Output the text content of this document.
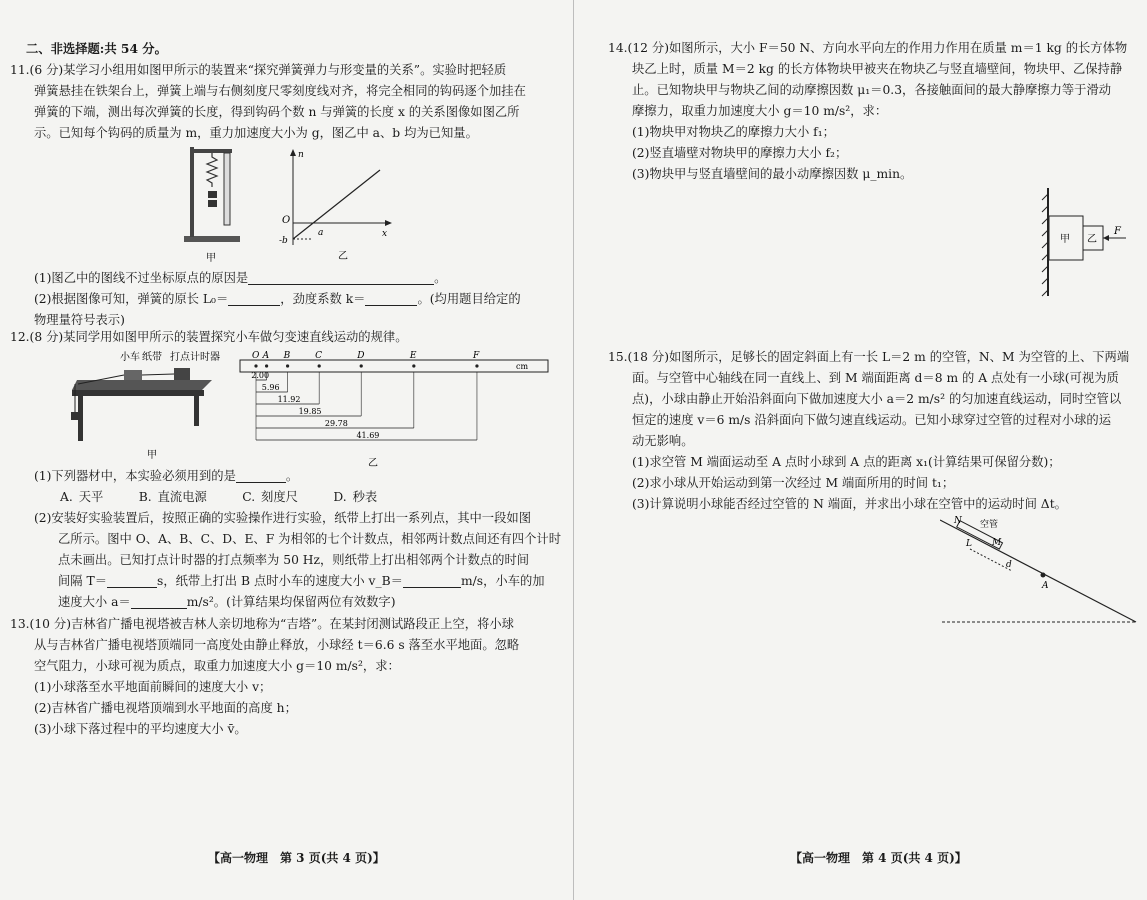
二、非选择题:共 54 分。

11.(6 分)某学习小组用如图甲所示的装置来“探究弹簧弹力与形变量的关系”。实验时把轻质

弹簧悬挂在铁架台上，弹簧上端与右侧刻度尺零刻度线对齐，将完全相同的钩码逐个加挂在

弹簧的下端，测出每次弹簧的长度，得到钩码个数 n 与弹簧的长度 x 的关系图像如图乙所

示。已知每个钩码的质量为 m，重力加速度大小为 g，图乙中 a、b 均为已知量。

甲
n
x
O
a
-b
乙

(1)图乙中的图线不过坐标原点的原因是	。

(2)根据图像可知，弹簧的原长 L₀＝	，劲度系数 k＝	。(均用题目给定的

物理量符号表示)

12.(8 分)某同学用如图甲所示的装置探究小车做匀变速直线运动的规律。
小车 纸带 打点计时器
甲
O A B	C	D	E	F
2.00
5.96
11.92
19.85
29.78
41.69
cm
乙

(1)下列器材中，本实验必须用到的是	。

A. 天平	B. 直流电源	C. 刻度尺	D. 秒表

(2)安装好实验装置后，按照正确的实验操作进行实验，纸带上打出一系列点，其中一段如图

乙所示。图中 O、A、B、C、D、E、F 为相邻的七个计数点，相邻两计数点间还有四个计时

点未画出。已知打点计时器的打点频率为 50 Hz，则纸带上打出相邻两个计数点的时间

间隔 T＝	s，纸带上打出 B 点时小车的速度大小 v_B＝	m/s，小车的加

速度大小 a＝	m/s²。(计算结果均保留两位有效数字)

13.(10 分)吉林省广播电视塔被吉林人亲切地称为“吉塔”。在某封闭测试路段正上空，将小球

从与吉林省广播电视塔顶端同一高度处由静止释放，小球经 t＝6.6 s 落至水平地面。忽略

空气阻力，小球可视为质点，取重力加速度大小 g＝10 m/s²，求：

(1)小球落至水平地面前瞬间的速度大小 v；

(2)吉林省广播电视塔顶端到水平地面的高度 h；

(3)小球下落过程中的平均速度大小 v̄。

【高一物理　第 3 页(共 4 页)】

14.(12 分)如图所示，大小 F＝50 N、方向水平向左的作用力作用在质量 m＝1 kg 的长方体物

块乙上时，质量 M＝2 kg 的长方体物块甲被夹在物块乙与竖直墙壁间，物块甲、乙保持静

止。已知物块甲与物块乙间的动摩擦因数 μ₁＝0.3，各接触面间的最大静摩擦力等于滑动

摩擦力，取重力加速度大小 g＝10 m/s²，求：

(1)物块甲对物块乙的摩擦力大小 f₁；

(2)竖直墙壁对物块甲的摩擦力大小 f₂；

(3)物块甲与竖直墙壁间的最小动摩擦因数 μ_min。

甲 乙
F

15.(18 分)如图所示，足够长的固定斜面上有一长 L＝2 m 的空管，N、M 为空管的上、下两端

面。与空管中心轴线在同一直线上、到 M 端面距离 d＝8 m 的 A 点处有一小球(可视为质

点)，小球由静止开始沿斜面向下做加速度大小 a＝2 m/s² 的匀加速直线运动，同时空管以

恒定的速度 v＝6 m/s 沿斜面向下做匀速直线运动。已知小球穿过空管的过程对小球的运

动无影响。

(1)求空管 M 端面运动至 A 点时小球到 A 点的距离 x₁(计算结果可保留分数)；

(2)求小球从开始运动到第一次经过 M 端面所用的时间 t₁；

(3)计算说明小球能否经过空管的 N 端面，并求出小球在空管中的运动时间 Δt。

N 空管
M
L
d
A
【高一物理　第 4 页(共 4 页)】
